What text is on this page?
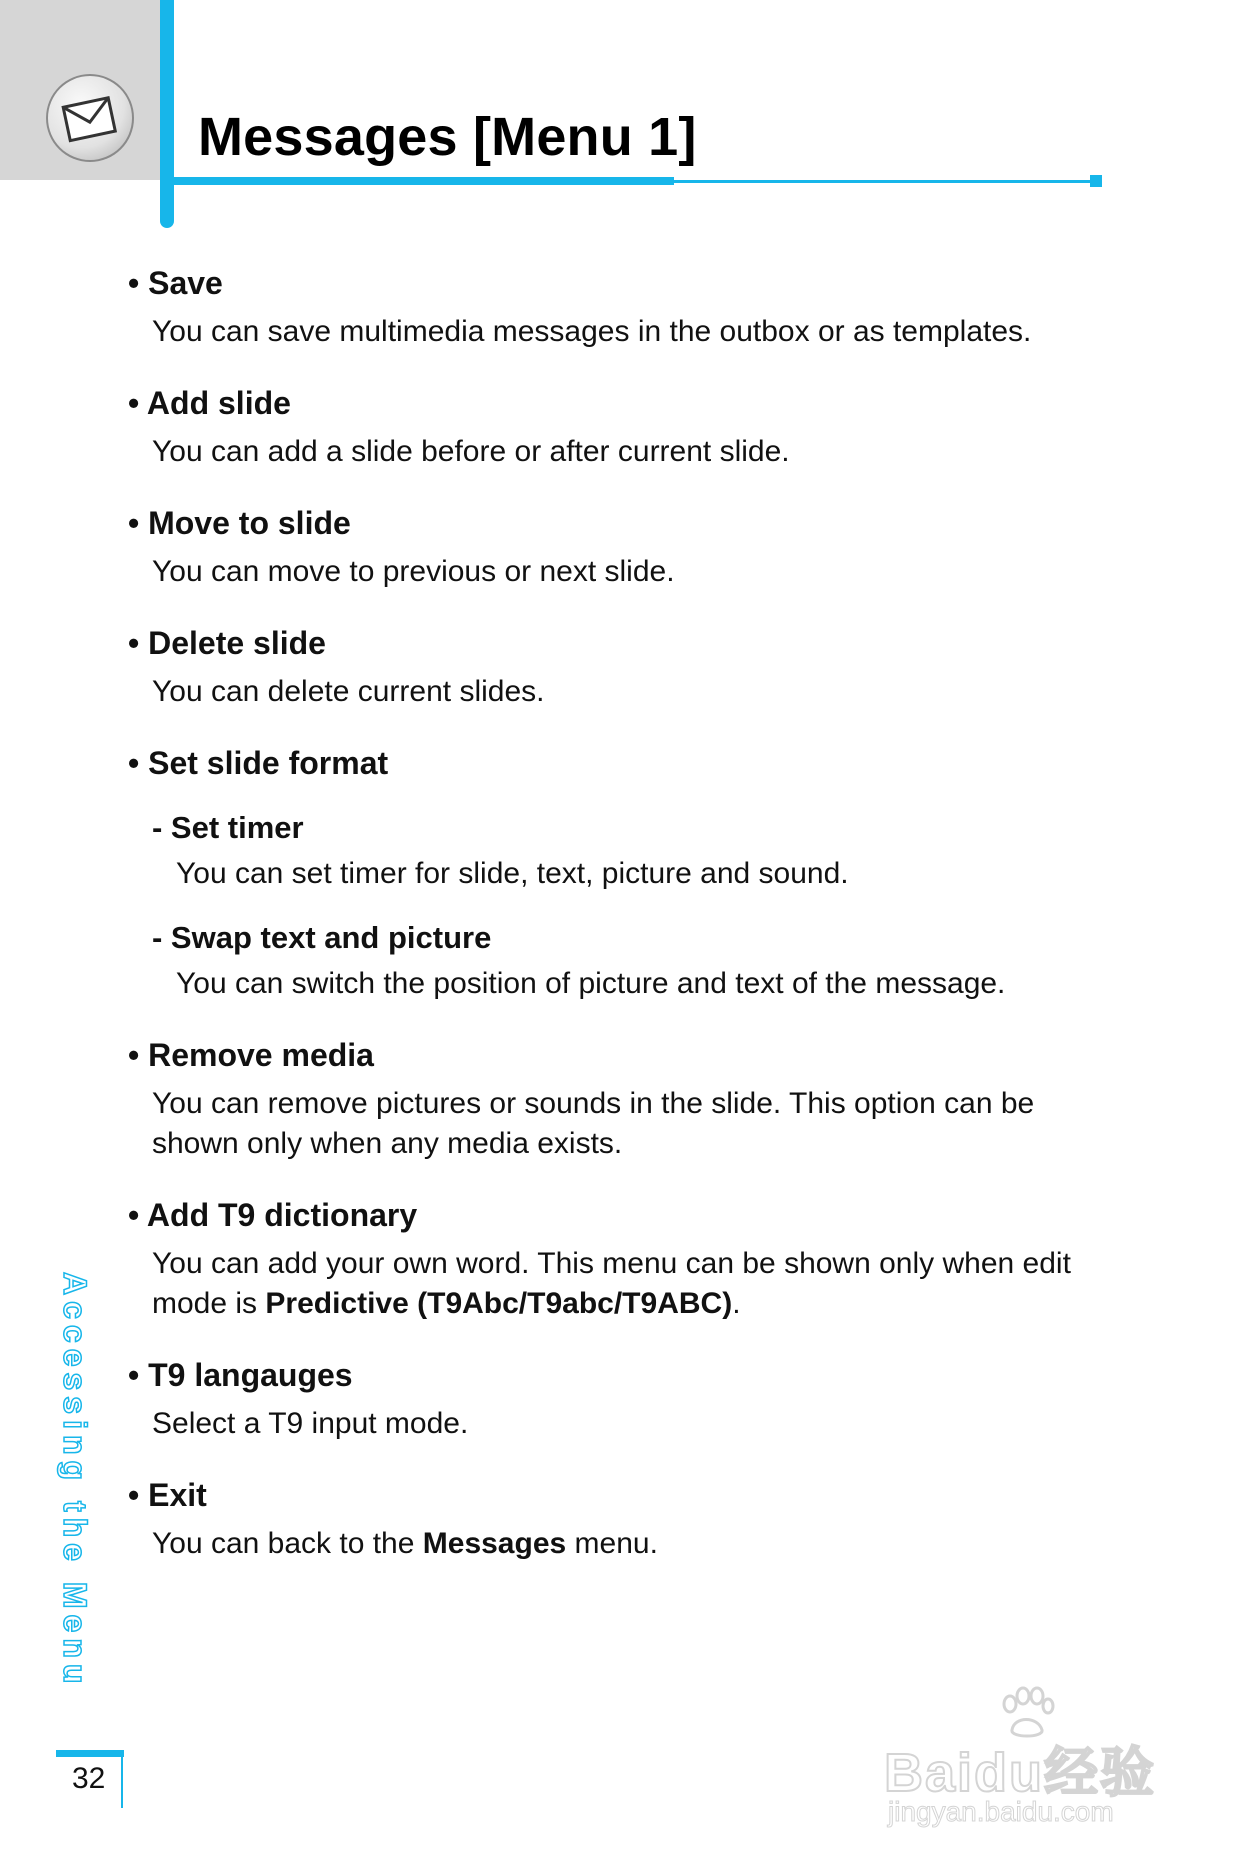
Messages [Menu 1]
• Save
You can save multimedia messages in the outbox or as templates.
• Add slide
You can add a slide before or after current slide.
• Move to slide
You can move to previous or next slide.
• Delete slide
You can delete current slides.
• Set slide format
- Set timer
You can set timer for slide, text, picture and sound.
- Swap text and picture
You can switch the position of picture and text of the message.
• Remove media
You can remove pictures or sounds in the slide. This option can be shown only when any media exists.
• Add T9 dictionary
You can add your own word. This menu can be shown only when edit mode is Predictive (T9Abc/T9abc/T9ABC).
• T9 langauges
Select a T9 input mode.
• Exit
You can back to the Messages menu.
Accessing the Menu
32	Baidu经验
jingyan.baidu.com
